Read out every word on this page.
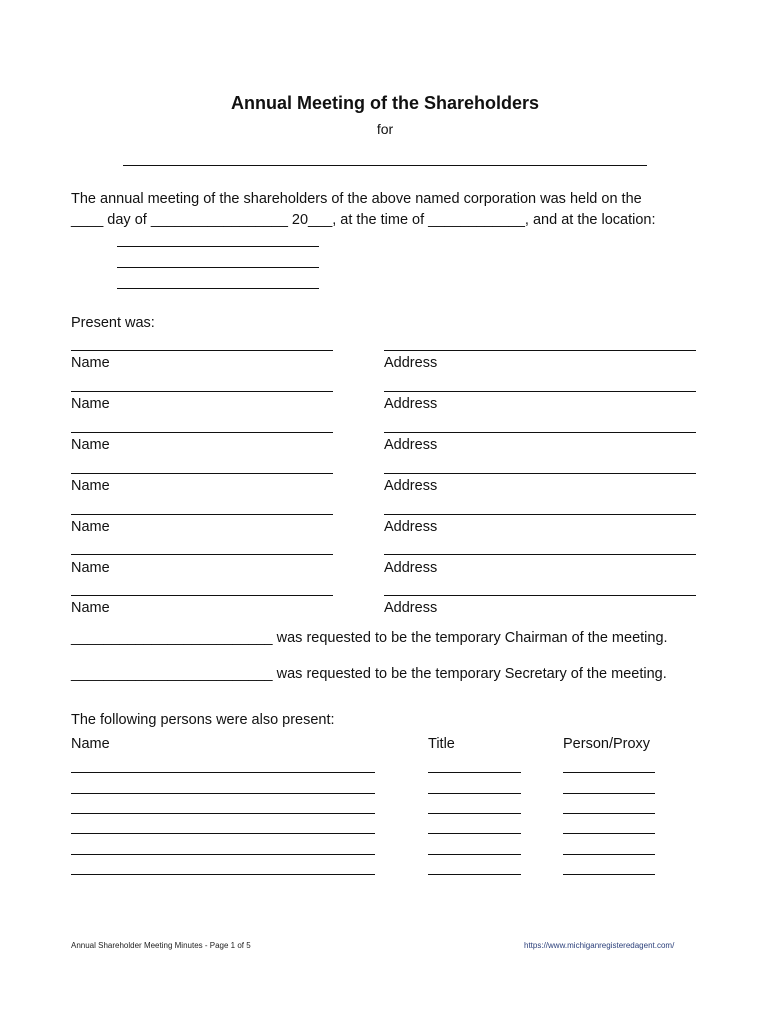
Annual Meeting of the Shareholders
for
The annual meeting of the shareholders of the above named corporation was held on the
____ day of _________________ 20___, at the time of ____________, and at the location:
Present was:
Name	Address
Name	Address
Name	Address
Name	Address
Name	Address
Name	Address
Name	Address
_________________________ was requested to be the temporary Chairman of the meeting.
_________________________ was requested to be the temporary Secretary of the meeting.
The following persons were also present:
Name	Title	Person/Proxy
Annual Shareholder Meeting Minutes - Page 1 of 5	https://www.michiganregisteredagent.com/
